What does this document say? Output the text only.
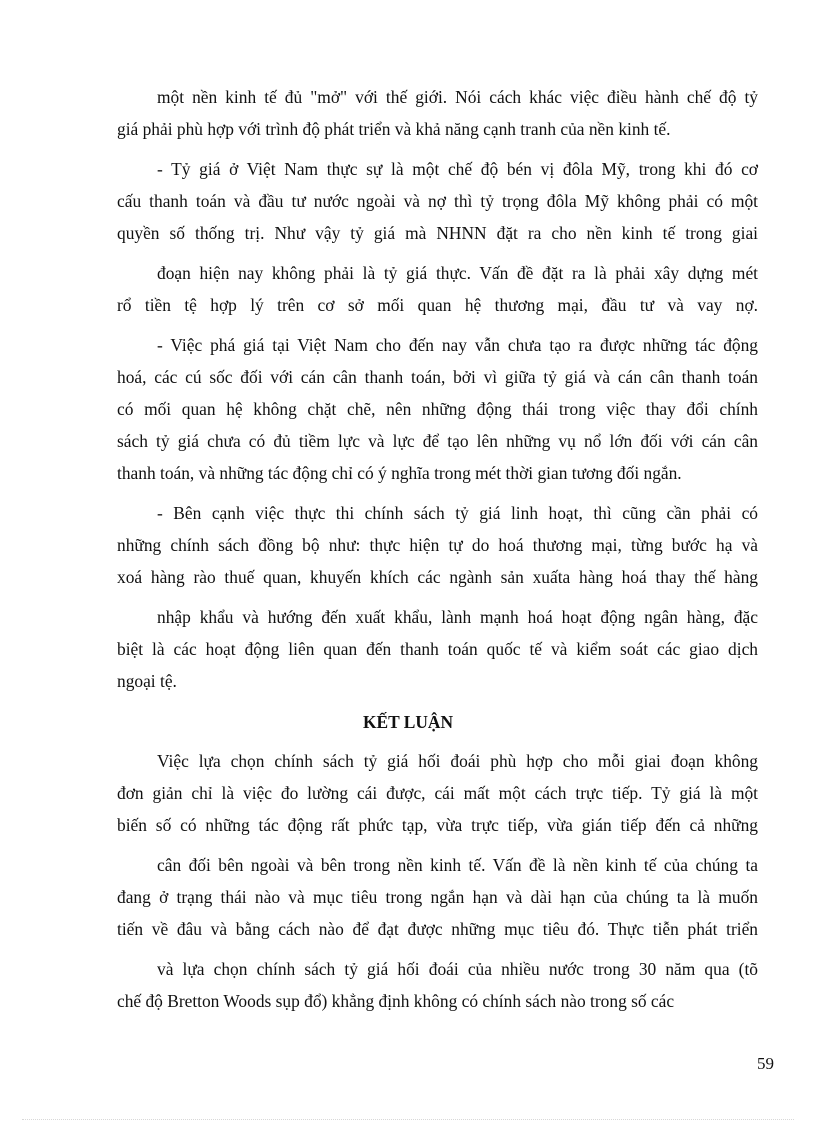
một nền kinh tế đủ "mở" với thế giới. Nói cách khác việc điều hành chế độ tỷ
giá phải phù hợp với trình độ phát triển và khả năng cạnh tranh của nền kinh tế.
- Tỷ giá ở Việt Nam thực sự là một chế độ bén vị đôla Mỹ, trong khi đó cơ
cấu thanh toán và đầu tư nước ngoài và nợ thì tỷ trọng đôla Mỹ không phải có một
quyền số thống trị. Như vậy tỷ giá mà NHNN đặt ra cho nền kinh tế trong giai
đoạn hiện nay không phải là tỷ giá thực. Vấn đề đặt ra là phải xây dựng mét
rổ tiền tệ hợp lý trên cơ sở mối quan hệ thương mại, đầu tư và vay nợ.
- Việc phá giá tại Việt Nam cho đến nay vẫn chưa tạo ra được những tác động
hoá, các cú sốc đối với cán cân thanh toán, bởi vì giữa tỷ giá và cán cân thanh toán
có mối quan hệ không chặt chẽ, nên những động thái trong việc thay đổi chính
sách tỷ giá chưa có đủ tiềm lực và lực để tạo lên những vụ nổ lớn đối với cán cân
thanh toán, và những tác động chỉ có ý nghĩa trong mét thời gian tương đối ngắn.
- Bên cạnh việc thực thi chính sách tỷ giá linh hoạt, thì cũng cần phải có
những chính sách đồng bộ như: thực hiện tự do hoá thương mại, từng bước hạ và
xoá hàng rào thuế quan, khuyến khích các ngành sản xuấta hàng hoá thay thế hàng
nhập khẩu và hướng đến xuất khẩu, lành mạnh hoá hoạt động ngân hàng, đặc
biệt là các hoạt động liên quan đến thanh toán quốc tế và kiểm soát các giao dịch
ngoại tệ.
KẾT LUẬN
Việc lựa chọn chính sách tỷ giá hối đoái phù hợp cho mỗi giai đoạn không
đơn giản chỉ là việc đo lường cái được, cái mất một cách trực tiếp. Tỷ giá là một
biến số có những tác động rất phức tạp, vừa trực tiếp, vừa gián tiếp đến cả những
cân đối bên ngoài và bên trong nền kinh tế. Vấn đề là nền kinh tế của chúng ta
đang ở trạng thái nào và mục tiêu trong ngắn hạn và dài hạn của chúng ta là muốn
tiến về đâu và bằng cách nào để đạt được những mục tiêu đó. Thực tiễn phát triển
và lựa chọn chính sách tỷ giá hối đoái của nhiều nước trong 30 năm qua (tõ
chế độ Bretton Woods sụp đổ) khẳng định không có chính sách nào trong số các
59
